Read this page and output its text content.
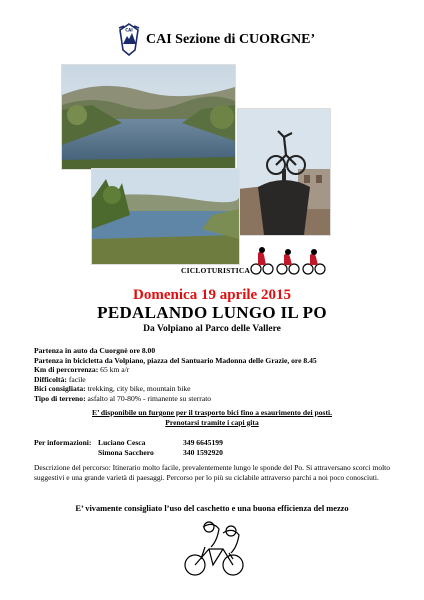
CAI
CAI Sezione di CUORGNE’
CICLOTURISTICA
Domenica 19 aprile 2015
PEDALANDO LUNGO IL PO
Da Volpiano al Parco delle Vallere
Partenza in auto da Cuorgnè ore 8.00
Partenza in bicicletta da Volpiano, piazza del Santuario Madonna delle Grazie, ore 8.45
Km di percorrenza: 65 km a/r
Difficoltà: facile
Bici consigliata: trekking, city bike, mountain bike
Tipo di terreno: asfalto al 70-80% - rimanente su sterrato
E’ disponibile un furgone per il trasporto bici fino a esaurimento dei posti.
Prenotarsi tramite i capi gita
Per informazioni: Luciano Cesca	349 6645199
Simona Sacchero	340 1592920
Descrizione del percorso: Itinerario molto facile, prevalentemente lungo le sponde del Po. Si attraversano scorci molto suggestivi e una grande varietà di paesaggi. Percorso per lo più su ciclabile attraverso parchi a noi poco conosciuti.
E’ vivamente consigliato l’uso del caschetto e una buona efficienza del mezzo
